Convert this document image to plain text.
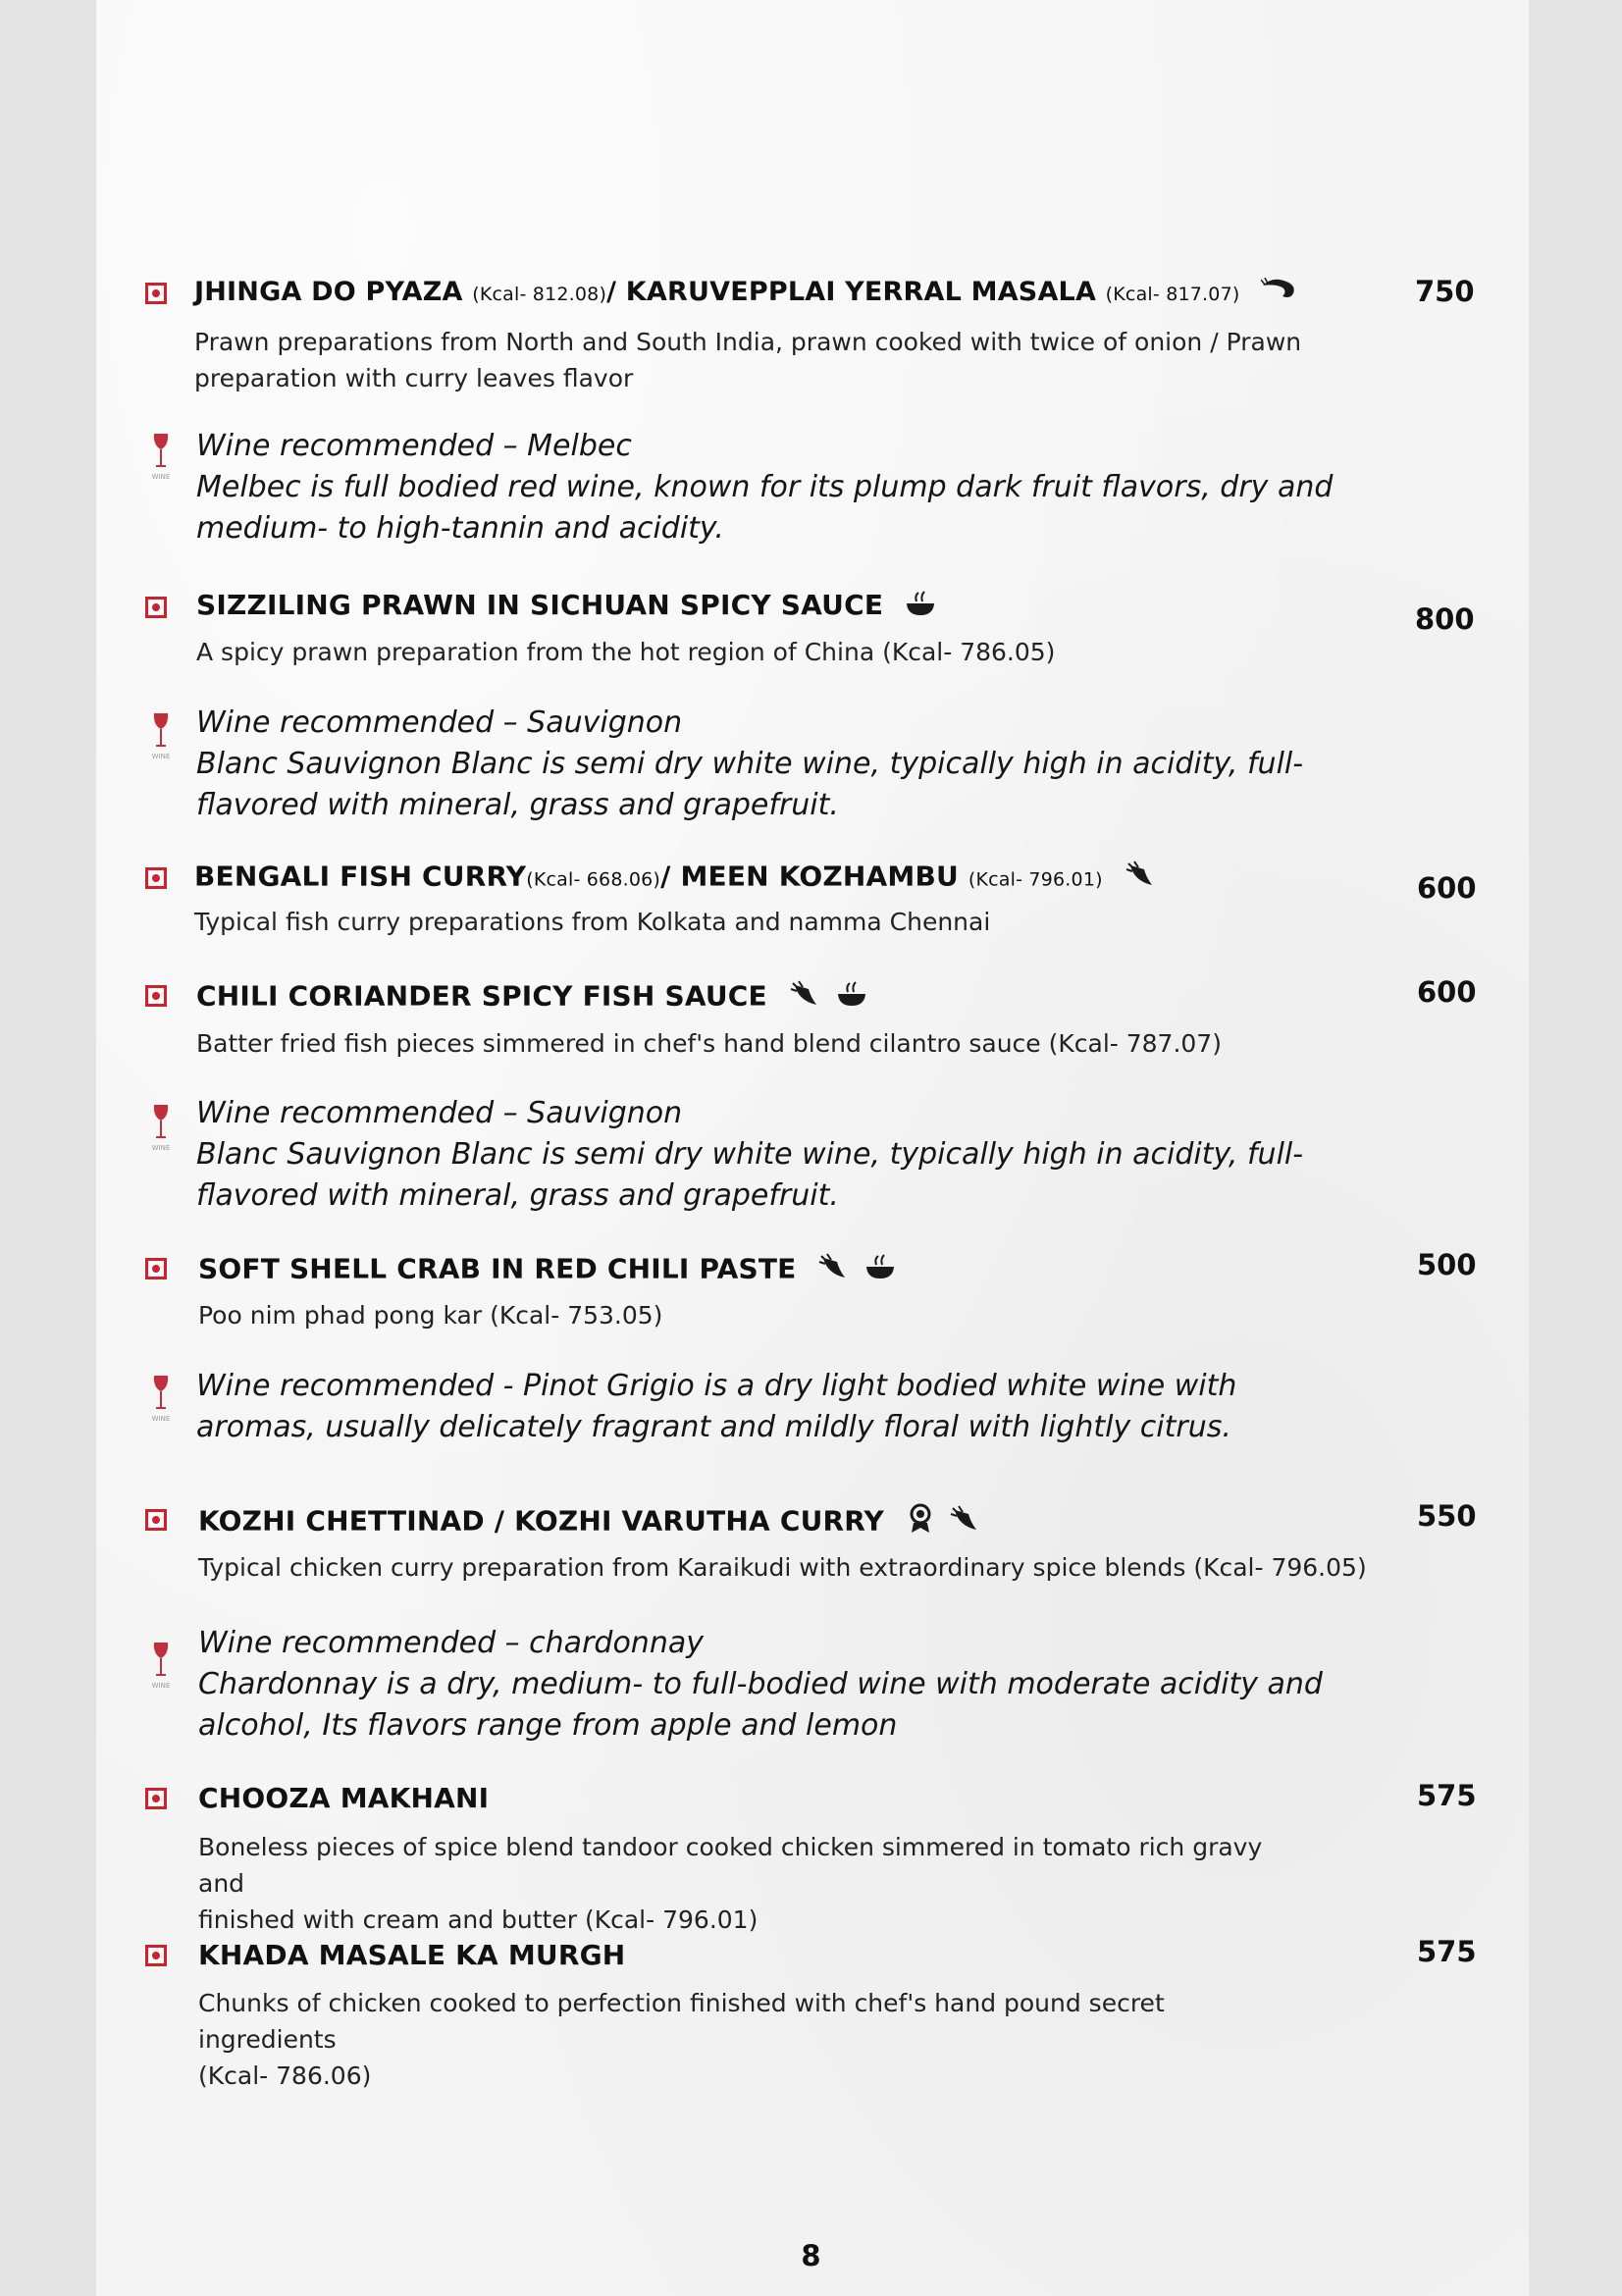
JHINGA DO PYAZA (Kcal- 812.08)/ KARUVEPPLAI YERRAL MASALA (Kcal- 817.07)	750
Prawn preparations from North and South India, prawn cooked with twice of onion / Prawn
preparation with curry leaves flavor
WINE
Wine recommended – Melbec
Melbec is full bodied red wine, known for its plump dark fruit flavors, dry and
medium- to high-tannin and acidity.
SIZZILING PRAWN IN SICHUAN SPICY SAUCE	800
A spicy prawn preparation from the hot region of China (Kcal- 786.05)
WINE
Wine recommended – Sauvignon
Blanc Sauvignon Blanc is semi dry white wine, typically high in acidity, full-
flavored with mineral, grass and grapefruit.
BENGALI FISH CURRY(Kcal- 668.06)/ MEEN KOZHAMBU (Kcal- 796.01)	600
Typical fish curry preparations from Kolkata and namma Chennai
CHILI CORIANDER SPICY FISH SAUCE	600
Batter fried fish pieces simmered in chef's hand blend cilantro sauce (Kcal- 787.07)
WINE
Wine recommended – Sauvignon
Blanc Sauvignon Blanc is semi dry white wine, typically high in acidity, full-
flavored with mineral, grass and grapefruit.
SOFT SHELL CRAB IN RED CHILI PASTE	500
Poo nim phad pong kar (Kcal- 753.05)
WINE
Wine recommended - Pinot Grigio is a dry light bodied white wine with
aromas, usually delicately fragrant and mildly floral with lightly citrus.
KOZHI CHETTINAD / KOZHI VARUTHA CURRY	550
Typical chicken curry preparation from Karaikudi with extraordinary spice blends (Kcal- 796.05)
WINE
Wine recommended – chardonnay
Chardonnay is a dry, medium- to full-bodied wine with moderate acidity and
alcohol, Its flavors range from apple and lemon
CHOOZA MAKHANI	575
Boneless pieces of spice blend tandoor cooked chicken simmered in tomato rich gravy and
finished with cream and butter (Kcal- 796.01)
KHADA MASALE KA MURGH	575
Chunks of chicken cooked to perfection finished with chef's hand pound secret ingredients
(Kcal- 786.06)
8
